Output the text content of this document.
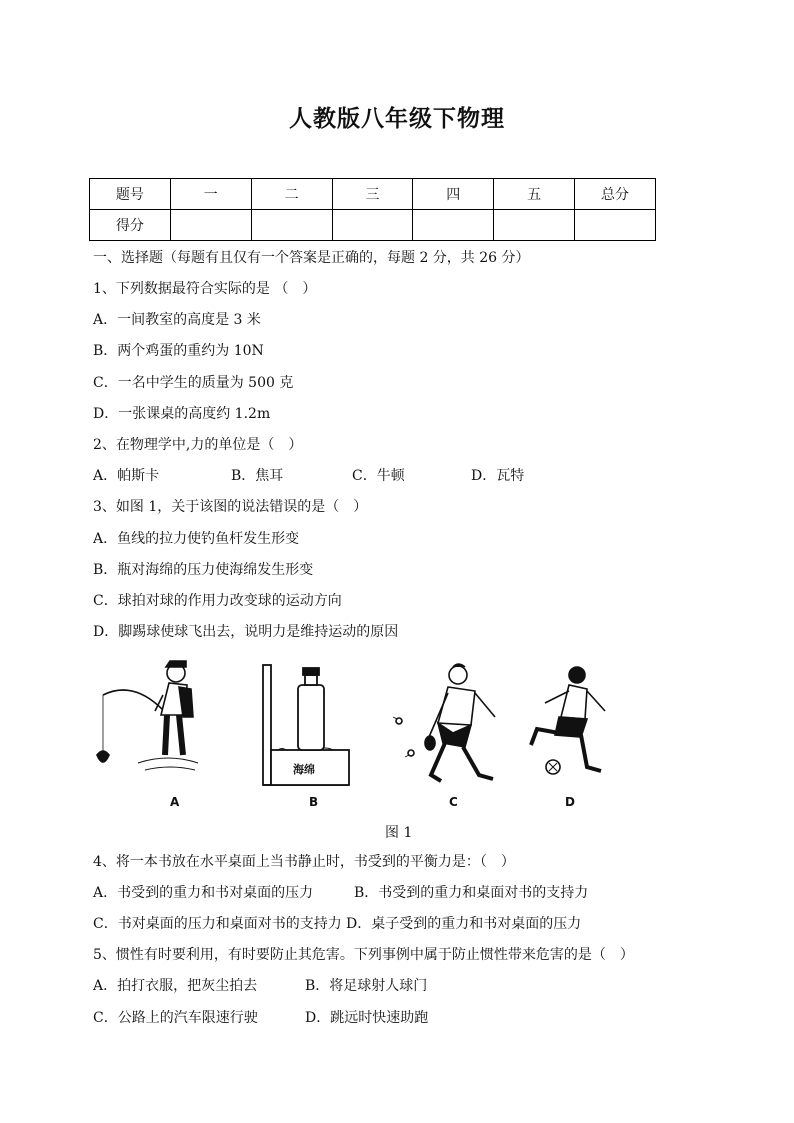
人教版八年级下物理
题号	一	二	三	四	五	总分
得分						
一、选择题（每题有且仅有一个答案是正确的，每题 2 分，共 26 分）
1、下列数据最符合实际的是 （　）
A．一间教室的高度是 3 米
B．两个鸡蛋的重约为 10N
C．一名中学生的质量为 500 克
D．一张课桌的高度约 1.2m
2、在物理学中,力的单位是（　）
A．帕斯卡	B．焦耳	C．牛顿	D．瓦特
3、如图 1，关于该图的说法错误的是（　）
A．鱼线的拉力使钓鱼杆发生形变
B．瓶对海绵的压力使海绵发生形变
C．球拍对球的作用力改变球的运动方向
D．脚踢球使球飞出去，说明力是维持运动的原因
海绵
A	B	C	D
图 1
4、将一本书放在水平桌面上当书静止时，书受到的平衡力是：（　）
A．书受到的重力和书对桌面的压力	B．书受到的重力和桌面对书的支持力
C．书对桌面的压力和桌面对书的支持力 D．桌子受到的重力和书对桌面的压力
5、惯性有时要利用，有时要防止其危害。下列事例中属于防止惯性带来危害的是（　）
A．拍打衣服，把灰尘拍去	B．将足球射人球门
C．公路上的汽车限速行驶	D．跳远时快速助跑
